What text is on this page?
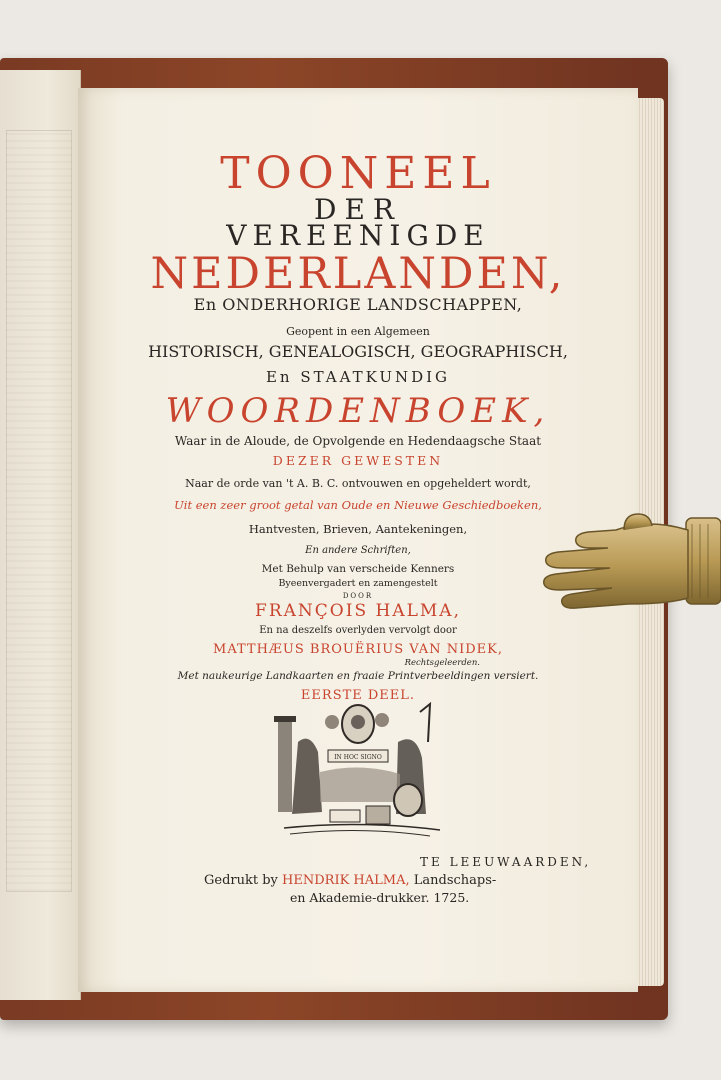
TOONEEL

DER

VEREENIGDE

NEDERLANDEN,

En ONDERHORIGE LANDSCHAPPEN,

Geopent in een Algemeen

HISTORISCH, GENEALOGISCH, GEOGRAPHISCH,

En STAATKUNDIG

WOORDENBOEK,

Waar in de Aloude, de Opvolgende en Hedendaagsche Staat

DEZER GEWESTEN

Naar de orde van 't A. B. C. ontvouwen en opgeheldert wordt,

Uit een zeer groot getal van Oude en Nieuwe Geschiedboeken,

Hantvesten, Brieven, Aantekeningen,

En andere Schriften,

Met Behulp van verscheide Kenners

Byeenvergadert en zamengestelt

DOOR

FRANÇOIS HALMA,

En na deszelfs overlyden vervolgt door

MATTHÆUS BROUËRIUS VAN NIDEK,

Rechtsgeleerden.

Met naukeurige Landkaarten en fraaie Printverbeeldingen versiert.

EERSTE DEEL.

IN HOC SIGNO

TE LEEUWAARDEN,

Gedrukt by HENDRIK HALMA, Landschaps-

en Akademie-drukker. 1725.
